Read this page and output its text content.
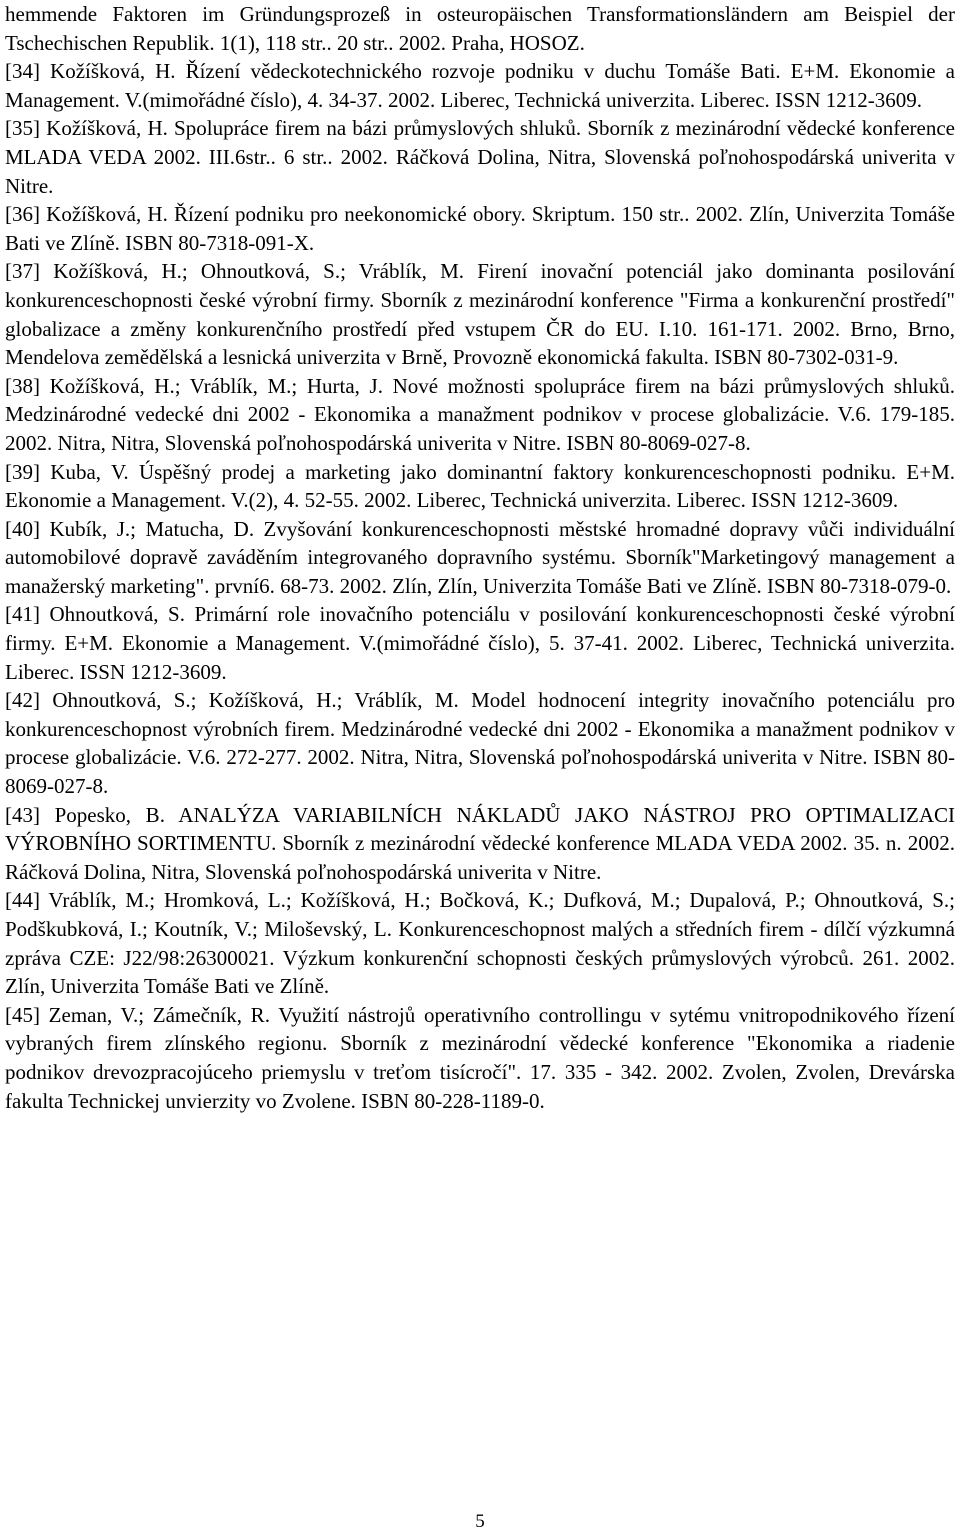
hemmende Faktoren im Gründungsprozeß in osteuropäischen Transformationsländern am Beispiel der Tschechischen Republik. 1(1), 118 str.. 20 str.. 2002. Praha, HOSOZ.

[34] Kožíšková, H. Řízení vědeckotechnického rozvoje podniku v duchu Tomáše Bati. E+M. Ekonomie a Management. V.(mimořádné číslo), 4. 34-37. 2002. Liberec, Technická univerzita. Liberec. ISSN 1212-3609.

[35] Kožíšková, H. Spolupráce firem na bázi průmyslových shluků. Sborník z mezinárodní vědecké konference MLADA VEDA 2002. III.6str.. 6 str.. 2002. Ráčková Dolina, Nitra, Slovenská poľnohospodárská univerita v Nitre.

[36] Kožíšková, H. Řízení podniku pro neekonomické obory. Skriptum. 150 str.. 2002. Zlín, Univerzita Tomáše Bati ve Zlíně. ISBN 80-7318-091-X.

[37] Kožíšková, H.; Ohnoutková, S.; Vráblík, M. Firení inovační potenciál jako dominanta posilování konkurenceschopnosti české výrobní firmy. Sborník z mezinárodní konference "Firma a konkurenční prostředí" globalizace a změny konkurenčního prostředí před vstupem ČR do EU. I.10. 161-171. 2002. Brno, Brno, Mendelova zemědělská a lesnická univerzita v Brně, Provozně ekonomická fakulta. ISBN 80-7302-031-9.

[38] Kožíšková, H.; Vráblík, M.; Hurta, J. Nové možnosti spolupráce firem na bázi průmyslových shluků. Medzinárodné vedecké dni 2002 - Ekonomika a manažment podnikov v procese globalizácie. V.6. 179-185. 2002. Nitra, Nitra, Slovenská poľnohospodárská univerita v Nitre. ISBN 80-8069-027-8.

[39] Kuba, V. Úspěšný prodej a marketing jako dominantní faktory konkurenceschopnosti podniku. E+M. Ekonomie a Management. V.(2), 4. 52-55. 2002. Liberec, Technická univerzita. Liberec. ISSN 1212-3609.

[40] Kubík, J.; Matucha, D. Zvyšování konkurenceschopnosti městské hromadné dopravy vůči individuální automobilové dopravě zaváděním integrovaného dopravního systému. Sborník"Marketingový management a manažerský marketing". první6. 68-73. 2002. Zlín, Zlín, Univerzita Tomáše Bati ve Zlíně. ISBN 80-7318-079-0.

[41] Ohnoutková, S. Primární role inovačního potenciálu v posilování konkurenceschopnosti české výrobní firmy. E+M. Ekonomie a Management. V.(mimořádné číslo), 5. 37-41. 2002. Liberec, Technická univerzita. Liberec. ISSN 1212-3609.

[42] Ohnoutková, S.; Kožíšková, H.; Vráblík, M. Model hodnocení integrity inovačního potenciálu pro konkurenceschopnost výrobních firem. Medzinárodné vedecké dni 2002 - Ekonomika a manažment podnikov v procese globalizácie. V.6. 272-277. 2002. Nitra, Nitra, Slovenská poľnohospodárská univerita v Nitre. ISBN 80-8069-027-8.

[43] Popesko, B. ANALÝZA VARIABILNÍCH NÁKLADŮ JAKO NÁSTROJ PRO OPTIMALIZACI VÝROBNÍHO SORTIMENTU. Sborník z mezinárodní vědecké konference MLADA VEDA 2002. 35. n. 2002. Ráčková Dolina, Nitra, Slovenská poľnohospodárská univerita v Nitre.

[44] Vráblík, M.; Hromková, L.; Kožíšková, H.; Bočková, K.; Dufková, M.; Dupalová, P.; Ohnoutková, S.; Podškubková, I.; Koutník, V.; Miloševský, L. Konkurenceschopnost malých a středních firem - dílčí výzkumná zpráva CZE: J22/98:26300021. Výzkum konkurenční schopnosti českých průmyslových výrobců. 261. 2002. Zlín, Univerzita Tomáše Bati ve Zlíně.

[45] Zeman, V.; Zámečník, R. Využití nástrojů operativního controllingu v sytému vnitropodnikového řízení vybraných firem zlínského regionu. Sborník z mezinárodní vědecké konference "Ekonomika a riadenie podnikov drevozpracojúceho priemyslu v treťom tisícročí". 17. 335 - 342. 2002. Zvolen, Zvolen, Drevárska fakulta Technickej unvierzity vo Zvolene. ISBN 80-228-1189-0.

5
